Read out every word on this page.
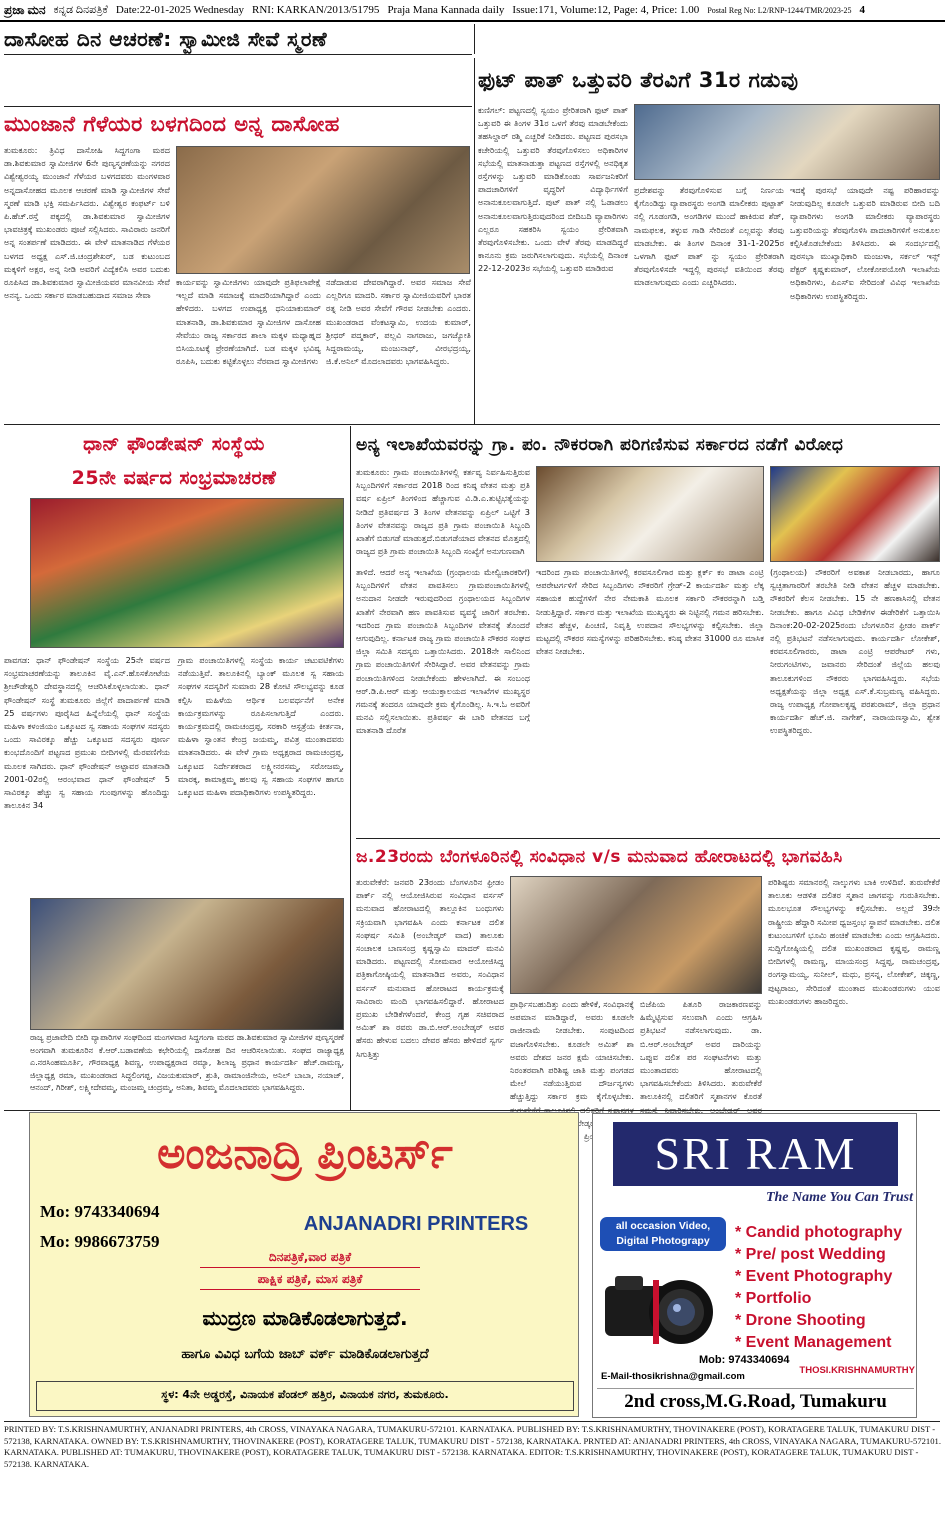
ಪ್ರಜಾ ಮನ ಕನ್ನಡ ದಿನಪತ್ರಿಕೆ Date:22-01-2025 Wednesday RNI: KARKAN/2013/51795 Praja Mana Kannada daily Issue:171, Volume:12, Page: 4, Price: 1.00 Postal Reg No: L2/RNP-1244/TMR/2023-25 4
ದಾಸೋಹ ದಿನ ಆಚರಣೆ: ಸ್ವಾಮೀಜಿ ಸೇವೆ ಸ್ಮರಣೆ
ಮುಂಜಾನೆ ಗೆಳೆಯರ ಬಳಗದಿಂದ ಅನ್ನ ದಾಸೋಹ
ತುಮಕೂರು: ತ್ರಿವಿಧ ದಾಸೋಹಿ ಸಿದ್ದಗಂಗಾ ಮಠದ ಡಾ.ಶಿವಕುಮಾರ ಸ್ವಾಮೀಜಿಗಳ 6ನೇ ಪುಣ್ಯಸ್ಮರಣೆಯನ್ನು ನಗರದ ವಿಶ್ವೇಶ್ವರಯ್ಯ ಮುಂಜಾನೆ ಗೆಳೆಯರ ಬಳಗದವರು ಮಂಗಳವಾರ ಅನ್ನದಾಸೋಹದ ಮೂಲಕ ಆಚರಣೆ ಮಾಡಿ ಸ್ವಾಮೀಜಿಗಳ ಸೇವೆ ಸ್ಮರಣೆ ಮಾಡಿ ಭಕ್ತಿ ಸಮರ್ಪಿಸಿದರು. ವಿಶ್ವೇಶ್ವರ ಕಂಫರ್ಟ್ ಬಳಿ ಪಿ.ಹೆಚ್.ರಸ್ತೆ ಪಕ್ಕದಲ್ಲಿ ಡಾ.ಶಿವಕುಮಾರ ಸ್ವಾಮೀಜಿಗಳ ಭಾವಚಿತ್ರಕ್ಕೆ ಮುಖಂಡರು ಪೂಜೆ ಸಲ್ಲಿಸಿದರು. ಸಾವಿರಾರು ಜನರಿಗೆ ಅನ್ನ ಸಂತರ್ಪಣೆ ಮಾಡಿದರು. ಈ ವೇಳೆ ಮಾತನಾಡಿದ ಗೆಳೆಯರ ಬಳಗದ ಅಧ್ಯಕ್ಷ ಎಸ್.ಜಿ.ಚಂದ್ರಶೇಖರ್, ಬಡ ಕುಟುಂಬದ ಮಕ್ಕಳಿಗೆ ಅಕ್ಷರ, ಅನ್ನ ನೀಡಿ ಅವರಿಗೆ ವಿದ್ಯೆಕಲಿಸಿ ಅವರ ಬದುಕು ರೂಪಿಸಿದ ಡಾ.ಶಿವಕುಮಾರ ಸ್ವಾಮೀಜಿಯವರ ಮಾನವೀಯ ಸೇವೆ ಅನನ್ಯ. ಒಂದು ಸರ್ಕಾರ ಮಾಡಬಹುದಾದ ಸಮಾಜ ಸೇವಾ
ಕಾರ್ಯವನ್ನು ಸ್ವಾಮೀಜಿಗಳು ಯಾವುದೇ ಪ್ರತಿಫಲಾಪೇಕ್ಷೆ ಇಲ್ಲದೆ ಮಾಡಿ ಸಮಾಜಕ್ಕೆ ಮಾದರಿಯಾಗಿದ್ದಾರೆ ಎಂದು ಹೇಳಿದರು. ಬಳಗದ ಉಪಾಧ್ಯಕ್ಷ ಧನಿಯಾಕುಮಾರ್ ಮಾತನಾಡಿ, ಡಾ.ಶಿವಕುಮಾರ ಸ್ವಾಮೀಜಿಗಳ ದಾಸೋಹ ಸೇವೆಯು ರಾಜ್ಯ ಸರ್ಕಾರದ ಶಾಲಾ ಮಕ್ಕಳ ಮಧ್ಯಾಹ್ನದ ಬಿಸಿಯೂಟಕ್ಕೆ ಪ್ರೇರಣೆಯಾಗಿದೆ. ಬಡ ಮಕ್ಕಳ ಭವಿಷ್ಯ ರೂಪಿಸಿ, ಬದುಕು ಕಟ್ಟಿಕೊಳ್ಳಲು ನೆರವಾದ ಸ್ವಾಮೀಜಿಗಳು
ನಡೆದಾಡುವ ದೇವರಾಗಿದ್ದಾರೆ. ಅವರ ಸಮಾಜ ಸೇವೆ ಎಲ್ಲರಿಗೂ ಮಾದರಿ. ಸರ್ಕಾರ ಸ್ವಾಮೀಜಿಯವರಿಗೆ ಭಾರತ ರತ್ನ ನೀಡಿ ಅವರ ಸೇವೆಗೆ ಗೌರವ ನೀಡಬೇಕು ಎಂದರು. ಮುಖಂಡರಾದ ವೆಂಕಟಸ್ವಾಮಿ, ಉದಯ ಕುಮಾರ್, ಶ್ರೀಧರ್ ಪದ್ಮಕಾರ್, ಪಲ್ಲವಿ ನಾಗರಾಜು, ಜಗಜ್ಯೋತಿ ಸಿದ್ದರಾಮಯ್ಯ, ಮಂಜುನಾಥ್, ವೀರಭದ್ರಯ್ಯ, ಜಿ.ಕೆ.ಅನಿಲ್ ಮೊದಲಾದವರು ಭಾಗವಹಿಸಿದ್ದರು.
ಫುಟ್ ಪಾತ್ ಒತ್ತುವರಿ ತೆರವಿಗೆ 31ರ ಗಡುವು
ಕುಣಿಗಲ್: ಪಟ್ಟಣದಲ್ಲಿ ಸ್ವಯಂ ಪ್ರೇರಿತರಾಗಿ ಫುಟ್ ಪಾತ್ ಒತ್ತುವರಿ ಈ ತಿಂಗಳ 31ರ ಒಳಗೆ ತೆರವು ಮಾಡಬೇಕೆಂದು ತಹಸಿಲ್ದಾರ್ ರಶ್ಮಿ ಎಚ್ಚರಿಕೆ ನೀಡಿದರು. ಪಟ್ಟಣದ ಪುರಸಭಾ ಕಚೇರಿಯಲ್ಲಿ ಒತ್ತುವರಿ ತೆರವುಗೊಳಿಸಲು ಅಧಿಕಾರಿಗಳ ಸಭೆಯಲ್ಲಿ ಮಾತನಾಡುತ್ತಾ ಪಟ್ಟಣದ ರಸ್ತೆಗಳಲ್ಲಿ ಅನಧಿಕೃತ ರಸ್ತೆಗಳನ್ನು ಒತ್ತುವರಿ ಮಾಡಿಕೊಂಡು ಸಾರ್ವಜನಿಕರಿಗೆ ಪಾದಚಾರಿಗಳಿಗೆ ವೃದ್ಧರಿಗೆ ವಿದ್ಯಾರ್ಥಿಗಳಿಗೆ ಅನಾನುಕೂಲವಾಗುತ್ತಿದೆ. ಪುಟ್ ಪಾತ್ ನಲ್ಲಿ ಓಡಾಡಲು ಅನಾನುಕೂಲವಾಗುತ್ತಿರುವುದರಿಂದ ಬೀದಿಬದಿ ವ್ಯಾಪಾರಿಗಳು ಎಲ್ಲರೂ ಸಹಕರಿಸಿ ಸ್ವಯಂ ಪ್ರೇರಿತವಾಗಿ ತೆರವುಗೊಳಿಸಬೇಕು. ಒಂದು ವೇಳೆ ತೆರವು ಮಾಡದಿದ್ದರೆ ಕಾನೂನು ಕ್ರಮ ಜರುಗಿಸಲಾಗುವುದು. ಸಭೆಯಲ್ಲಿ ದಿನಾಂಕ 22-12-2023ರ ಸಭೆಯಲ್ಲಿ ಒತ್ತುವರಿ ಮಾಡಿರುವ
ಪ್ರದೇಶವನ್ನು ತೆರವುಗೊಳಿಸುವ ಬಗ್ಗೆ ನಿರ್ಣಯ ಕೈಗೊಂಡಿದ್ದು ವ್ಯಾಪಾರಸ್ಥರು ಅಂಗಡಿ ಮಾಲೀಕರು ಪುಟ್ಪಾತ್ ನಲ್ಲಿ ಗೂಡಂಗಡಿ, ಅಂಗಡಿಗಳ ಮುಂದೆ ಹಾಕಿರುವ ಶೆಡ್, ನಾಮಫಲಕ, ತಳ್ಳುವ ಗಾಡಿ ಸೇರಿದಂತೆ ಎಲ್ಲವನ್ನು ತೆರವು ಮಾಡಬೇಕು. ಈ ತಿಂಗಳ ದಿನಾಂಕ 31-1-2025ರ ಒಳಗಾಗಿ ಫುಟ್ ಪಾತ್ ನ್ನು ಸ್ವಯಂ ಪ್ರೇರಿತರಾಗಿ ತೆರವುಗೊಳಿಸದೇ ಇದ್ದಲ್ಲಿ ಪುರಸಭೆ ವತಿಯಿಂದ ತೆರವು ಮಾಡಲಾಗುವುದು ಎಂದು ಎಚ್ಚರಿಸಿದರು.
ಇದಕ್ಕೆ ಪುರಸಭೆ ಯಾವುದೇ ನಷ್ಟ ಪರಿಹಾರವನ್ನು ನೀಡುವುದಿಲ್ಲ ಕೂಡಲೇ ಒತ್ತುವರಿ ಮಾಡಿರುವ ಬೀದಿ ಬದಿ ವ್ಯಾಪಾರಿಗಳು ಅಂಗಡಿ ಮಾಲೀಕರು ವ್ಯಾಪಾರಸ್ಥರು ಒತ್ತುವರಿಯನ್ನು ತೆರವುಗೊಳಿಸಿ ಪಾದಚಾರಿಗಳಿಗೆ ಅನುಕೂಲ ಕಲ್ಪಿಸಿಕೊಡಬೇಕೆಂದು ತಿಳಿಸಿದರು. ಈ ಸಂದರ್ಭದಲ್ಲಿ ಪುರಸಭಾ ಮುಖ್ಯಾಧಿಕಾರಿ ಮಂಜುಳಾ, ಸರ್ಕಲ್ ಇನ್ಸ್ ಪೆಕ್ಟರ್ ಕೃಷ್ಣಕುಮಾರ್, ಲೋಕೋಪಯೋಗಿ ಇಲಾಖೆಯ ಅಧಿಕಾರಿಗಳು, ಪಿಎಸ್ಐ ಸೇರಿದಂತೆ ವಿವಿಧ ಇಲಾಖೆಯ ಅಧಿಕಾರಿಗಳು ಉಪಸ್ಥಿತರಿದ್ದರು.
ಧಾನ್ ಫೌಂಡೇಷನ್ ಸಂಸ್ಥೆಯ
25ನೇ ವರ್ಷದ ಸಂಭ್ರಮಾಚರಣೆ
ಪಾವಗಡ: ಧಾನ್ ಫೌಂಡೇಷನ್ ಸಂಸ್ಥೆಯ 25ನೇ ವರ್ಷದ ಸಂಭ್ರಮಾಚರಣೆಯನ್ನು ತಾಲೂಕಿನ ವೈ.ಎನ್.ಹೊಸಕೋಟೆಯ ಶ್ರೀಚೌಡೇಶ್ವರಿ ದೇವಸ್ಥಾನದಲ್ಲಿ ಆಚರಿಸಿಕೊಳ್ಳಲಾಯಿತು. ಧಾನ್ ಫೌಂಡೇಷನ್ ಸಂಸ್ಥೆ ತುಮಕೂರು ಜಿಲ್ಲೆಗೆ ಪಾದಾರ್ಪಣೆ ಮಾಡಿ 25 ವರ್ಷಗಳು ಪೂರೈಸಿದ ಹಿನ್ನೆಲೆಯಲ್ಲಿ ಧಾನ್ ಸಂಸ್ಥೆಯ ಮಹಿಳಾ ಕಳಂಜಿಯಂ ಒಕ್ಕೂಟದ ಸ್ವ ಸಹಾಯ ಸಂಘಗಳ ಸದಸ್ಯರು ಒಂದು ಸಾವಿರಕ್ಕೂ ಹೆಚ್ಚು ಒಕ್ಕೂಟದ ಸದಸ್ಯರು ಪೂರ್ಣ ಕುಂಭದೊಂದಿಗೆ ಪಟ್ಟಣದ ಪ್ರಮುಖ ಬೀದಿಗಳಲ್ಲಿ ಮೆರವಣಿಗೆಯ ಮೂಲಕ ಸಾಗಿದರು. ಧಾನ್ ಫೌಂಡೇಷನ್ ಅಟ್ಟಾವರ ಮಾತನಾಡಿ 2001-02ರಲ್ಲಿ ಆರಂಭವಾದ ಧಾನ್ ಫೌಂಡೇಷನ್ 5 ಸಾವಿರಕ್ಕೂ ಹೆಚ್ಚು ಸ್ವ ಸಹಾಯ ಗುಂಪುಗಳನ್ನು ಹೊಂದಿದ್ದು ತಾಲೂಕಿನ 34
ಗ್ರಾಮ ಪಂಚಾಯಿತಿಗಳಲ್ಲಿ ಸಂಸ್ಥೆಯ ಕಾರ್ಯ ಚಟುವಟಿಕೆಗಳು ನಡೆಯುತ್ತಿವೆ. ತಾಲೂಕಿನಲ್ಲಿ ಬ್ಯಾಂಕ್ ಮೂಲಕ ಸ್ವ ಸಹಾಯ ಸಂಘಗಳ ಸದಸ್ಯರಿಗೆ ಸುಮಾರು 28 ಕೋಟಿ ಸೌಲಭ್ಯವನ್ನು ಕೂಡ ಕಲ್ಪಿಸಿ ಮಹಿಳೆಯ ಆರ್ಥಿಕ ಬಲವರ್ಧನೆಗೆ ಅನೇಕ ಕಾರ್ಯಕ್ರಮಗಳನ್ನು ರೂಪಿಸಲಾಗುತ್ತಿದೆ ಎಂದರು. ಕಾರ್ಯಕ್ರಮದಲ್ಲಿ ರಾಮಚಂದ್ರಪ್ಪ, ಸರಕಾರಿ ಆಸ್ಪತ್ರೆಯ ಕೀರ್ತನಾ, ಮಹಿಳಾ ಸ್ವಾಂತನ ಕೇಂದ್ರ ಜಯಮ್ಮ, ಪವಿತ್ರ ಮುಂತಾದವರು ಮಾತನಾಡಿದರು. ಈ ವೇಳೆ ಗ್ರಾಮ ಅಧ್ಯಕ್ಷರಾದ ರಾಮಚಂದ್ರಪ್ಪ, ಒಕ್ಕೂಟದ ನಿರ್ದೇಶಕರಾದ ಲಕ್ಷ್ಮೀನರಸಮ್ಮ, ಸರೋಜಮ್ಮ, ಮಾರಕ್ಕ, ಕಾಮಾಕ್ಷಮ್ಮ ಹಲವು ಸ್ವ ಸಹಾಯ ಸಂಘಗಳ ಹಾಗೂ ಒಕ್ಕೂಟದ ಮಹಿಳಾ ಪದಾಧಿಕಾರಿಗಳು ಉಪಸ್ಥಿತರಿದ್ದರು.
ರಾಜ್ಯ ಪ್ರಜಾವೇದಿ ಬೀದಿ ವ್ಯಾಪಾರಿಗಳ ಸಂಘದಿಂದ ಮಂಗಳವಾರ ಸಿದ್ದಗಂಗಾ ಮಠದ ಡಾ.ಶಿವಕುಮಾರ ಸ್ವಾಮೀಜಿಗಳ ಪುಣ್ಯಸ್ಮರಣೆ ಅಂಗವಾಗಿ ತುಮಕೂರಿನ ಕೆ.ಆರ್.ಬಡಾವಣೆಯ ಕಛೇರಿಯಲ್ಲಿ ದಾಸೋಹ ದಿನ ಆಚರಿಸಲಾಯಿತು. ಸಂಘದ ರಾಜ್ಯಾಧ್ಯಕ್ಷ ಎ.ನರಸಿಂಹಮೂರ್ತಿ, ಗೌರವಾಧ್ಯಕ್ಷ ಶಿವಣ್ಣ, ಉಪಾಧ್ಯಕ್ಷರಾದ ರಮ್ಯಾ, ಶಿಲಾಜ್ಯ ಪ್ರಧಾನ ಕಾರ್ಯದರ್ಶಿ ಹೆಚ್.ರಾಮಣ್ಣ, ಜಿಲ್ಲಾಧ್ಯಕ್ಷ ರಮಾ, ಮುಖಂಡರಾದ ಸಿದ್ಧಲಿಂಗಪ್ಪ, ವಿಜಯಕುಮಾರ್, ಶ್ರುತಿ, ರಾಮಾಂಜಿನೇಯ, ಅನಿಲ್ ಬಾಬಾ, ನಯಾಜ್, ಆನಂದ್, ಗಿರೀಶ್, ಲಕ್ಷ್ಮೀದೇವಮ್ಮ, ಮಂಜಮ್ಮ ಚಂದ್ರಮ್ಮ, ಅನಿತಾ, ಶಿವಮ್ಮ ಮೊದಲಾದವರು ಭಾಗವಹಿಸಿದ್ದರು.
ಅನ್ಯ ಇಲಾಖೆಯವರನ್ನು ಗ್ರಾ. ಪಂ. ನೌಕರರಾಗಿ ಪರಿಗಣಿಸುವ ಸರ್ಕಾರದ ನಡೆಗೆ ವಿರೋಧ
ತುಮಕೂರು: ಗ್ರಾಮ ಪಂಚಾಯಿತಿಗಳಲ್ಲಿ ಕರ್ತವ್ಯ ನಿರ್ವಹಿಸುತ್ತಿರುವ ಸಿಬ್ಬಂದಿಗಳಿಗೆ ಸರ್ಕಾರದ 2018 ರಿಂದ ಕನಿಷ್ಠ ವೇತನ ಮತ್ತು ಪ್ರತಿ ವರ್ಷ ಏಪ್ರಿಲ್ ತಿಂಗಳಿಂದ ಹೆಚ್ಚಾಗುವ ವಿ.ಡಿ.ಎ.ತುಟ್ಟಿಭತ್ಯೆಯನ್ನು ನೀಡಿದೆ ಪ್ರತಿವರ್ಷದ 3 ತಿಂಗಳ ವೇತನವನ್ನು ಏಪ್ರಿಲ್ ಒಟ್ಟಿಗೆ 3 ತಿಂಗಳ ವೇತನವನ್ನು ರಾಜ್ಯದ ಪ್ರತಿ ಗ್ರಾಮ ಪಂಚಾಯಿತಿ ಸಿಬ್ಬಂದಿ ಖಾತೆಗೆ ಬಿಡುಗಡೆ ಮಾಡುತ್ತದೆ.ಬಿಡುಗಡೆಯಾದ ವೇತನದ ಮೊತ್ತದಲ್ಲಿ ರಾಜ್ಯದ ಪ್ರತಿ ಗ್ರಾಮ ಪಂಚಾಯಿತಿ ಸಿಬ್ಬಂದಿ ಸಂಖ್ಯೆಗೆ ಅನುಗುಣವಾಗಿ
ತಾಳಿದೆ. ಆದರೆ ಅನ್ಯ ಇಲಾಖೆಯ (ಗ್ರಂಥಾಲಯ ಮೇಲ್ವಿಚಾರಕರಿಗೆ) ಸಿಬ್ಬಂದಿಗಳಿಗೆ ವೇತನ ಪಾವತಿಸಲು ಗ್ರಾಮಪಂಚಾಯಿತಿಗಳಲ್ಲಿ ಅನುದಾನ ನೀಡದೇ ಇರುವುದರಿಂದ ಗ್ರಂಥಾಲಯದ ಸಿಬ್ಬಂದಿಗಳ ಖಾತೆಗೆ ನೇರವಾಗಿ ಹಣ ಪಾವತಿಸುವ ವ್ಯವಸ್ಥೆ ಜಾರಿಗೆ ತರಬೇಕು. ಇದರಿಂದ ಗ್ರಾಮ ಪಂಚಾಯಿತಿ ಸಿಬ್ಬಂದಿಗಳ ವೇತನಕ್ಕೆ ತೊಂದರೆ ಆಗುವುದಿಲ್ಲ. ಕರ್ನಾಟಕ ರಾಜ್ಯ ಗ್ರಾಮ ಪಂಚಾಯಿತಿ ನೌಕರರ ಸಂಘದ ಜಿಲ್ಲಾ ಸಮಿತಿ ಸದಸ್ಯರು ಒತ್ತಾಯಿಸಿದರು. 2018ನೇ ಸಾಲಿನಿಂದ ಗ್ರಾಮ ಪಂಚಾಯಿತಿಗಳಿಗೆ ಸೇರಿಸಿದ್ದಾರೆ. ಅವರ ವೇತನವನ್ನು ಗ್ರಾಮ ಪಂಚಾಯಿತಿಗಳಿಂದ ನೀಡಬೇಕೆಂದು ಹೇಳಲಾಗಿದೆ. ಈ ಸಂಬಂಧ ಆರ್.ಡಿ.ಪಿ.ಆರ್ ಮತ್ತು ಆಯುಕ್ತಾಲಯದ ಇಲಾಖೆಗಳ ಮುಖ್ಯಸ್ಥರ ಗಮನಕ್ಕೆ ತಂದರೂ ಯಾವುದೇ ಕ್ರಮ ಕೈಗೊಂಡಿಲ್ಲ. ಸಿ.ಇ.ಓ ಅವರಿಗೆ ಮನವಿ ಸಲ್ಲಿಸಲಾಯಿತು. ಪ್ರತಿವರ್ಷ ಈ ಬಾರಿ ವೇತನದ ಬಗ್ಗೆ ಮಾತನಾಡಿ ದೊರೆತ
ಇದರಿಂದ ಗ್ರಾಮ ಪಂಚಾಯಿತಿಗಳಲ್ಲಿ ಕರವಸೂಲಿಗಾರ ಮತ್ತು ಕ್ಲರ್ಕ್ ಕಂ ಡಾಟಾ ಎಂಟ್ರಿ ಆಪರೇಟರ್ಗಳಿಗೆ ಸೇರಿದ ಸಿಬ್ಬಂದಿಗಳು ನೌಕರರಿಗೆ ಗ್ರೇಡ್-2 ಕಾರ್ಯದರ್ಶಿ ಮತ್ತು ಲೆಕ್ಕ ಸಹಾಯಕ ಹುದ್ದೆಗಳಿಗೆ ನೇರ ನೇಮಕಾತಿ ಮೂಲಕ ಸರ್ಕಾರಿ ನೌಕರರನ್ನಾಗಿ ಬಡ್ತಿ ನೀಡುತ್ತಿದ್ದಾರೆ. ಸರ್ಕಾರ ಮತ್ತು ಇಲಾಖೆಯ ಮುಖ್ಯಸ್ಥರು ಈ ನಿಟ್ಟಿನಲ್ಲಿ ಗಮನ ಹರಿಸಬೇಕು. ವೇತನ ಹೆಚ್ಚಳ, ಪಿಂಚಣಿ, ನಿವೃತ್ತಿ ಉಪದಾನ ಸೌಲಭ್ಯಗಳನ್ನು ಕಲ್ಪಿಸಬೇಕು. ಜಿಲ್ಲಾ ಮಟ್ಟದಲ್ಲಿ ನೌಕರರ ಸಮಸ್ಯೆಗಳನ್ನು ಪರಿಹರಿಸಬೇಕು. ಕನಿಷ್ಠ ವೇತನ 31000 ರೂ ಮಾಸಿಕ ವೇತನ ನೀಡಬೇಕು.
(ಗ್ರಂಥಾಲಯ) ನೌಕರರಿಗೆ ಅವಕಾಶ ನೀಡಬಾರದು, ಹಾಗೂ ಸ್ವಚ್ಛತಾಗಾರರಿಗೆ ತರಬೇತಿ ನೀಡಿ ವೇತನ ಹೆಚ್ಚಳ ಮಾಡಬೇಕು. ನೌಕರರಿಗೆ ಕೆಲಸ ನೀಡಬೇಕು. 15 ನೇ ಹಣಕಾಸಿನಲ್ಲಿ ವೇತನ ನೀಡಬೇಕು. ಹಾಗೂ ವಿವಿಧ ಬೇಡಿಕೆಗಳ ಈಡೇರಿಕೆಗೆ ಒತ್ತಾಯಿಸಿ ದಿನಾಂಕ:20-02-2025ರಂದು ಬೆಂಗಳೂರಿನ ಫ್ರೀಡಂ ಪಾರ್ಕ್ ನಲ್ಲಿ ಪ್ರತಿಭಟನೆ ನಡೆಸಲಾಗುವುದು. ಕಾರ್ಯದರ್ಶಿ ಲೋಕೇಶ್, ಕರವಸೂಲಿಗಾರರು, ಡಾಟಾ ಎಂಟ್ರಿ ಆಪರೇಟರ್ ಗಳು, ನೀರುಗಂಟಿಗಳು, ಜವಾನರು ಸೇರಿದಂತೆ ಜಿಲ್ಲೆಯ ಹಲವು ತಾಲೂಕುಗಳಿಂದ ನೌಕರರು ಭಾಗವಹಿಸಿದ್ದರು. ಸಭೆಯ ಅಧ್ಯಕ್ಷತೆಯನ್ನು ಜಿಲ್ಲಾ ಅಧ್ಯಕ್ಷ ಎಸ್.ಕೆ.ಸುಬ್ರಮಣ್ಯ ವಹಿಸಿದ್ದರು. ರಾಜ್ಯ ಉಪಾಧ್ಯಕ್ಷ ಗೋಪಾಲಕೃಷ್ಣ ಪರಶುರಾಮ್, ಜಿಲ್ಲಾ ಪ್ರಧಾನ ಕಾರ್ಯದರ್ಶಿ ಹೆಚ್.ಜಿ. ನಾಗೇಶ್, ನಾರಾಯಣಸ್ವಾಮಿ, ಶ್ವೇತ ಉಪಸ್ಥಿತರಿದ್ದರು.
ಜ.23ರಂದು ಬೆಂಗಳೂರಿನಲ್ಲಿ ಸಂವಿಧಾನ v/s ಮನುವಾದ ಹೋರಾಟದಲ್ಲಿ ಭಾಗವಹಿಸಿ
ತುರುವೇಕೆರೆ: ಜನವರಿ 23ರಂದು ಬೆಂಗಳೂರಿನ ಫ್ರೀಡಂ ಪಾರ್ಕ್ ನಲ್ಲಿ ಆಯೋಜಿಸಿರುವ ಸಂವಿಧಾನ ವರ್ಸಸ್ ಮನುವಾದ ಹೋರಾಟದಲ್ಲಿ ತಾಲ್ಲೂಕಿನ ಬಂಧುಗಳು ಸಕ್ರಿಯವಾಗಿ ಭಾಗವಹಿಸಿ ಎಂದು ಕರ್ನಾಟಕ ದಲಿತ ಸಂಘರ್ಷ ಸಮಿತಿ (ಅಂಬೇಡ್ಕರ್ ವಾದ) ತಾಲೂಕು ಸಂಚಾಲಕ ಬಾಣಸಂದ್ರ ಕೃಷ್ಣಸ್ವಾಮಿ ಮಾದರ್ ಮನವಿ ಮಾಡಿದರು. ಪಟ್ಟಣದಲ್ಲಿ ಸೋಮವಾರ ಆಯೋಜಿಸಿದ್ದ ಪತ್ರಿಕಾಗೋಷ್ಠಿಯಲ್ಲಿ ಮಾತನಾಡಿದ ಅವರು, ಸಂವಿಧಾನ ವರ್ಸಸ್ ಮನುವಾದ ಹೋರಾಟದ ಕಾರ್ಯಕ್ರಮಕ್ಕೆ ಸಾವಿರಾರು ಮಂದಿ ಭಾಗವಹಿಸಲಿದ್ದಾರೆ. ಹೋರಾಟದ ಪ್ರಮುಖ ಬೇಡಿಕೆಗಳೆಂದರೆ, ಕೇಂದ್ರ ಗೃಹ ಸಚಿವರಾದ ಅಮಿತ್ ಶಾ ರವರು ಡಾ.ಬಿ.ಆರ್.ಅಂಬೇಡ್ಕರ್ ಅವರ ಹೆಸರು ಹೇಳುವ ಬದಲು ದೇವರ ಹೆಸರು ಹೇಳಿದರೆ ಸ್ವರ್ಗ ಸಿಗುತ್ತಿತ್ತು
ಪ್ರಾರ್ಥಿಸಬಹುದಿತ್ತು ಎಂದು ಹೇಳಿಕೆ, ಸಂವಿಧಾನಕ್ಕೆ ಅಪಮಾನ ಮಾಡಿದ್ದಾರೆ, ಅವರು ಕೂಡಲೇ ರಾಜೀನಾಮೆ ನೀಡಬೇಕು. ಸಂಪುಟದಿಂದ ವಜಾಗೊಳಿಸಬೇಕು. ಕೂಡಲೇ ಅಮಿತ್ ಶಾ ಅವರು ದೇಶದ ಜನರ ಕ್ಷಮೆ ಯಾಚಿಸಬೇಕು. ನಿರಂತರವಾಗಿ ಪರಿಶಿಷ್ಟ ಜಾತಿ ಮತ್ತು ಪಂಗಡದ ಮೇಲೆ ನಡೆಯುತ್ತಿರುವ ದೌರ್ಜನ್ಯಗಳು ಹೆಚ್ಚುತ್ತಿದ್ದು ಸರ್ಕಾರ ಕ್ರಮ ಕೈಗೊಳ್ಳಬೇಕು. ಅಂಬೇಡ್ಕರ್
ಬಿಜೆಪಿಯ ಪಿತೂರಿ ರಾಜಕಾರಣವನ್ನು ಹಿಮ್ಮೆಟ್ಟಿಸುವ ಸಲುವಾಗಿ ಎಂದು ಆಗ್ರಹಿಸಿ ಪ್ರತಿಭಟನೆ ನಡೆಸಲಾಗುವುದು. ಡಾ. ಬಿ.ಆರ್.ಅಂಬೇಡ್ಕರ್ ಅವರ ದಾರಿಯನ್ನು ಒಪ್ಪುವ ದಲಿತ ಪರ ಸಂಘಟನೆಗಳು ಮತ್ತು ಮುಂತಾದವರು ಹೋರಾಟದಲ್ಲಿ ಭಾಗವಹಿಸಬೇಕೆಂದು ತಿಳಿಸಿದರು. ತುರುವೇಕೆರೆ ತಾಲೂಕಿನಲ್ಲಿ ದಲಿತರಿಗೆ ಸ್ಮಶಾನಗಳ ಕೊರತೆ
ಪರಿಶಿಷ್ಟರು ಸಮಾನರಲ್ಲಿ ನಾಲ್ಕುಗಳು ಬಾಕಿ ಉಳಿದಿವೆ. ತುರುವೇಕೆರೆ ತಾಲೂಕು ಆಡಳಿತ ದಲಿತರ ಸ್ಮಶಾನ ಜಾಗವನ್ನು ಗುರುತಿಸಬೇಕು. ಮೂಲಭೂತ ಸೌಲಭ್ಯಗಳನ್ನು ಕಲ್ಪಿಸಬೇಕು. ಅಲ್ಲದೆ 39ನೇ ರಾಷ್ಟ್ರೀಯ ಹೆದ್ದಾರಿ ಸಮೀಪ ಧ್ವಜಸ್ತಂಭ ಸ್ಥಾಪನೆ ಮಾಡಬೇಕು. ದಲಿತ ಕುಟುಂಬಗಳಿಗೆ ಭೂಮಿ ಹಂಚಿಕೆ ಮಾಡಬೇಕು ಎಂದು ಆಗ್ರಹಿಸಿದರು. ಸುದ್ದಿಗೋಷ್ಠಿಯಲ್ಲಿ ದಲಿತ ಮುಖಂಡರಾದ ಕೃಷ್ಣಪ್ಪ, ರಾಮಣ್ಣ ಬೀದಿಗಳಲ್ಲಿ ರಾಮಣ್ಣ, ಮಾಯಸಂದ್ರ ಸಿದ್ದಪ್ಪ, ರಾಮಚಂದ್ರಪ್ಪ, ರಂಗಸ್ವಾಮಯ್ಯ, ಸುನೀಲ್, ಮಧು, ಪ್ರಸನ್ನ, ಲೋಕೇಶ್, ಚಿಕ್ಕಣ್ಣ, ಪುಟ್ಟರಾಜು, ಸೇರಿದಂತೆ ಮುಂತಾದ ಮುಖಂಡರುಗಳು ಯುವ ಮುಖಂಡರುಗಳು ಹಾಜರಿದ್ದರು.
ಅಂಜನಾದ್ರಿ ಪ್ರಿಂಟರ್ಸ್
Mo: 9743340694
Mo: 9986673759
ANJANADRI PRINTERS
ದಿನಪತ್ರಿಕೆ,ವಾರ ಪತ್ರಿಕೆ
ಪಾಕ್ಷಿಕ ಪತ್ರಿಕೆ, ಮಾಸ ಪತ್ರಿಕೆ
ಮುದ್ರಣ ಮಾಡಿಕೊಡಲಾಗುತ್ತದೆ.
ಹಾಗೂ ವಿವಿಧ ಬಗೆಯ ಜಾಬ್ ವರ್ಕ್ ಮಾಡಿಕೊಡಲಾಗುತ್ತದೆ
ಸ್ಥಳ: 4ನೇ ಅಡ್ಡರಸ್ತೆ, ವಿನಾಯಕ ಪೆಂಡಲ್ ಹತ್ತಿರ, ವಿನಾಯಕ ನಗರ, ತುಮಕೂರು.
SRI RAM
The Name You Can Trust
all occasion Video, Digital Photograpy	* Candid photography
* Pre/ post Wedding
* Event Photography
* Portfolio
* Drone Shooting
* Event Management
Mob: 9743340694
THOSI.KRISHNAMURTHY
E-Mail-thosikrishna@gmail.com
2nd cross,M.G.Road, Tumakuru
PRINTED BY: T.S.KRISHNAMURTHY, ANJANADRI PRINTERS, 4th CROSS, VINAYAKA NAGARA, TUMAKURU-572101. KARNATAKA. PUBLISHED BY: T.S.KRISHNAMURTHY, THOVINAKERE (POST), KORATAGERE TALUK, TUMAKURU DIST - 572138, KARNATAKA. OWNED BY: T.S.KRISHNAMURTHY, THOVINAKERE (POST), KORATAGERE TALUK, TUMAKURU DIST - 572138, KARNATAKA. PRNTED AT: ANJANADRI PRINTERS, 4th CROSS, VINAYAKA NAGARA, TUMAKURU-572101. KARNATAKA. PUBLISHED AT: TUMAKURU, THOVINAKERE (POST), KORATAGERE TALUK, TUMAKURU DIST - 572138. KARNATAKA. EDITOR: T.S.KRISHNAMURTHY, THOVINAKERE (POST), KORATAGERE TALUK, TUMAKURU DIST - 572138. KARNATAKA.
